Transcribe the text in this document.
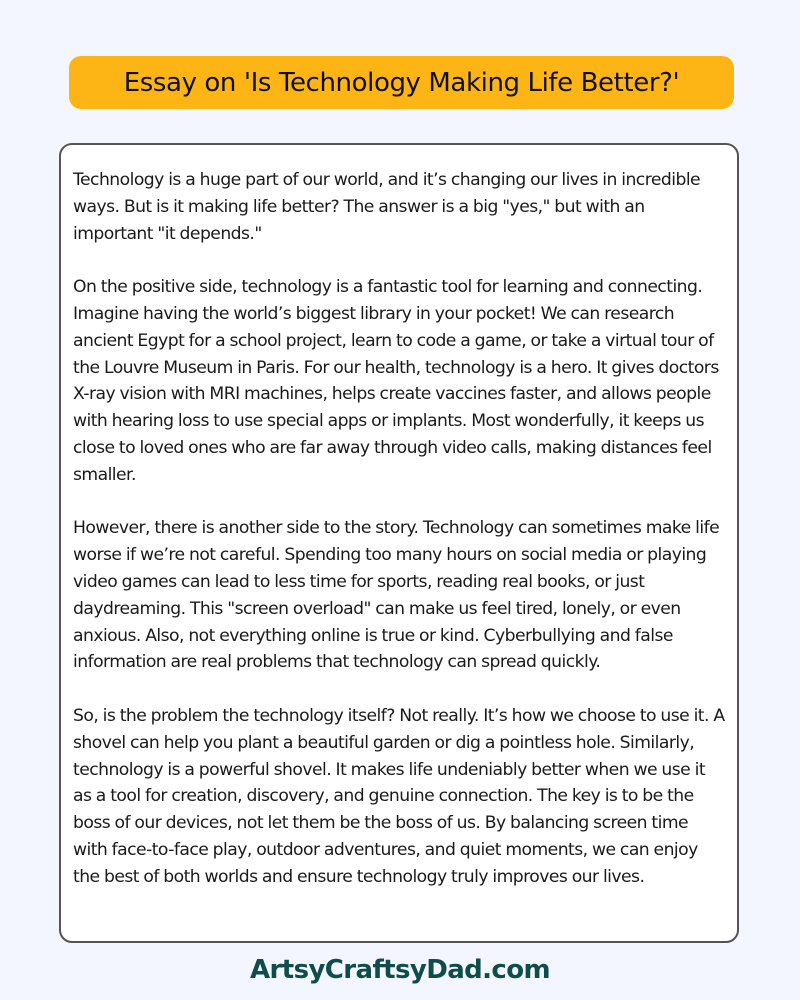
Essay on 'Is Technology Making Life Better?'

Technology is a huge part of our world, and it’s changing our lives in incredible ways. But is it making life better? The answer is a big "yes," but with an important "it depends."

On the positive side, technology is a fantastic tool for learning and connecting. Imagine having the world’s biggest library in your pocket! We can research ancient Egypt for a school project, learn to code a game, or take a virtual tour of the Louvre Museum in Paris. For our health, technology is a hero. It gives doctors X-ray vision with MRI machines, helps create vaccines faster, and allows people with hearing loss to use special apps or implants. Most wonderfully, it keeps us close to loved ones who are far away through video calls, making distances feel smaller.

However, there is another side to the story. Technology can sometimes make life worse if we’re not careful. Spending too many hours on social media or playing video games can lead to less time for sports, reading real books, or just daydreaming. This "screen overload" can make us feel tired, lonely, or even anxious. Also, not everything online is true or kind. Cyberbullying and false information are real problems that technology can spread quickly.

So, is the problem the technology itself? Not really. It’s how we choose to use it. A shovel can help you plant a beautiful garden or dig a pointless hole. Similarly, technology is a powerful shovel. It makes life undeniably better when we use it as a tool for creation, discovery, and genuine connection. The key is to be the boss of our devices, not let them be the boss of us. By balancing screen time with face-to-face play, outdoor adventures, and quiet moments, we can enjoy the best of both worlds and ensure technology truly improves our lives.

ArtsyCraftsyDad.com
